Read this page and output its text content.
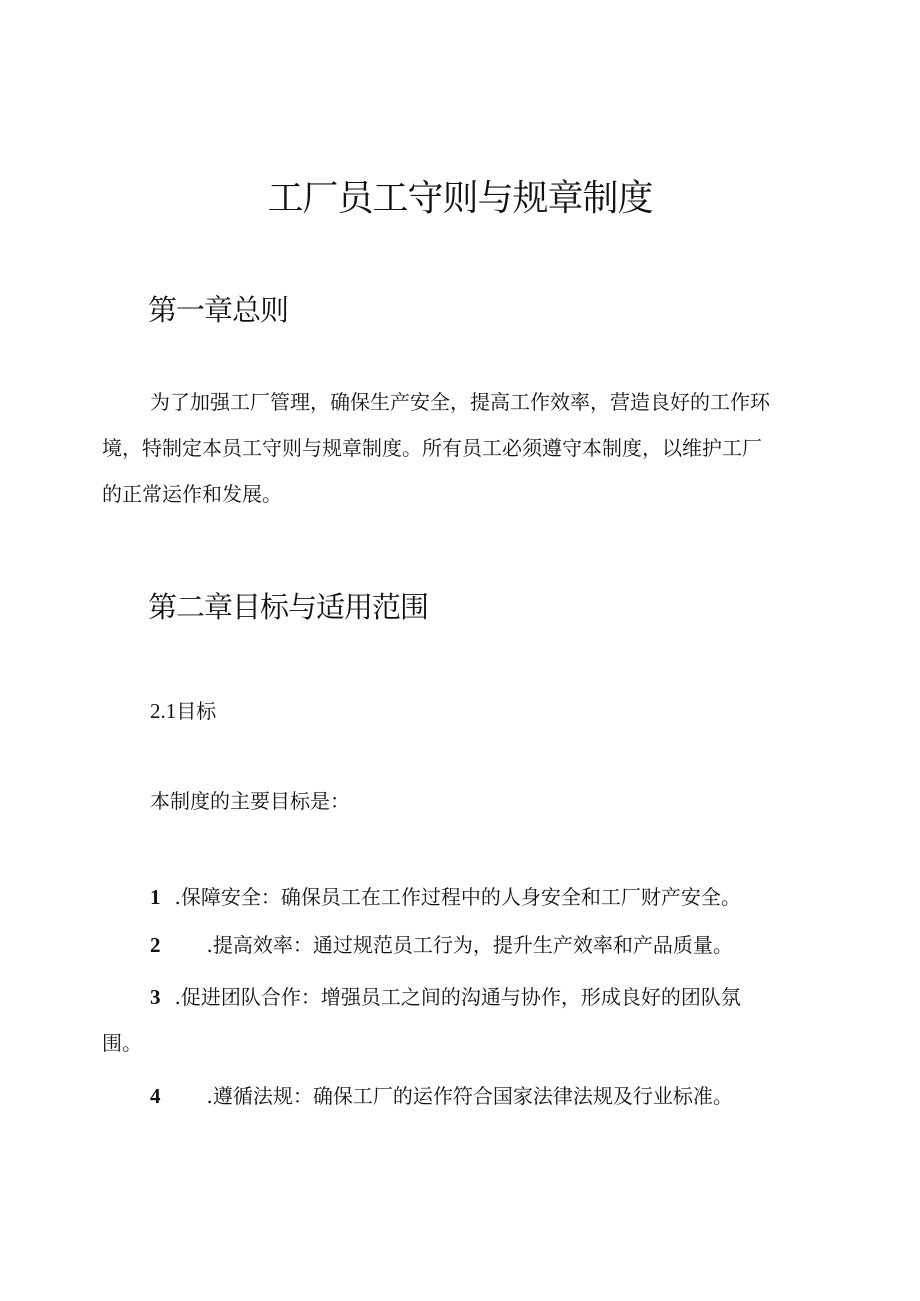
工厂员工守则与规章制度
第一章总则
为了加强工厂管理，确保生产安全，提高工作效率，营造良好的工作环
境，特制定本员工守则与规章制度。所有员工必须遵守本制度，以维护工厂
的正常运作和发展。
第二章目标与适用范围
2.1目标
本制度的主要目标是：
1 .保障安全：确保员工在工作过程中的人身安全和工厂财产安全。
2 .提高效率：通过规范员工行为，提升生产效率和产品质量。
3 .促进团队合作：增强员工之间的沟通与协作，形成良好的团队氛
围。
4 .遵循法规：确保工厂的运作符合国家法律法规及行业标准。
